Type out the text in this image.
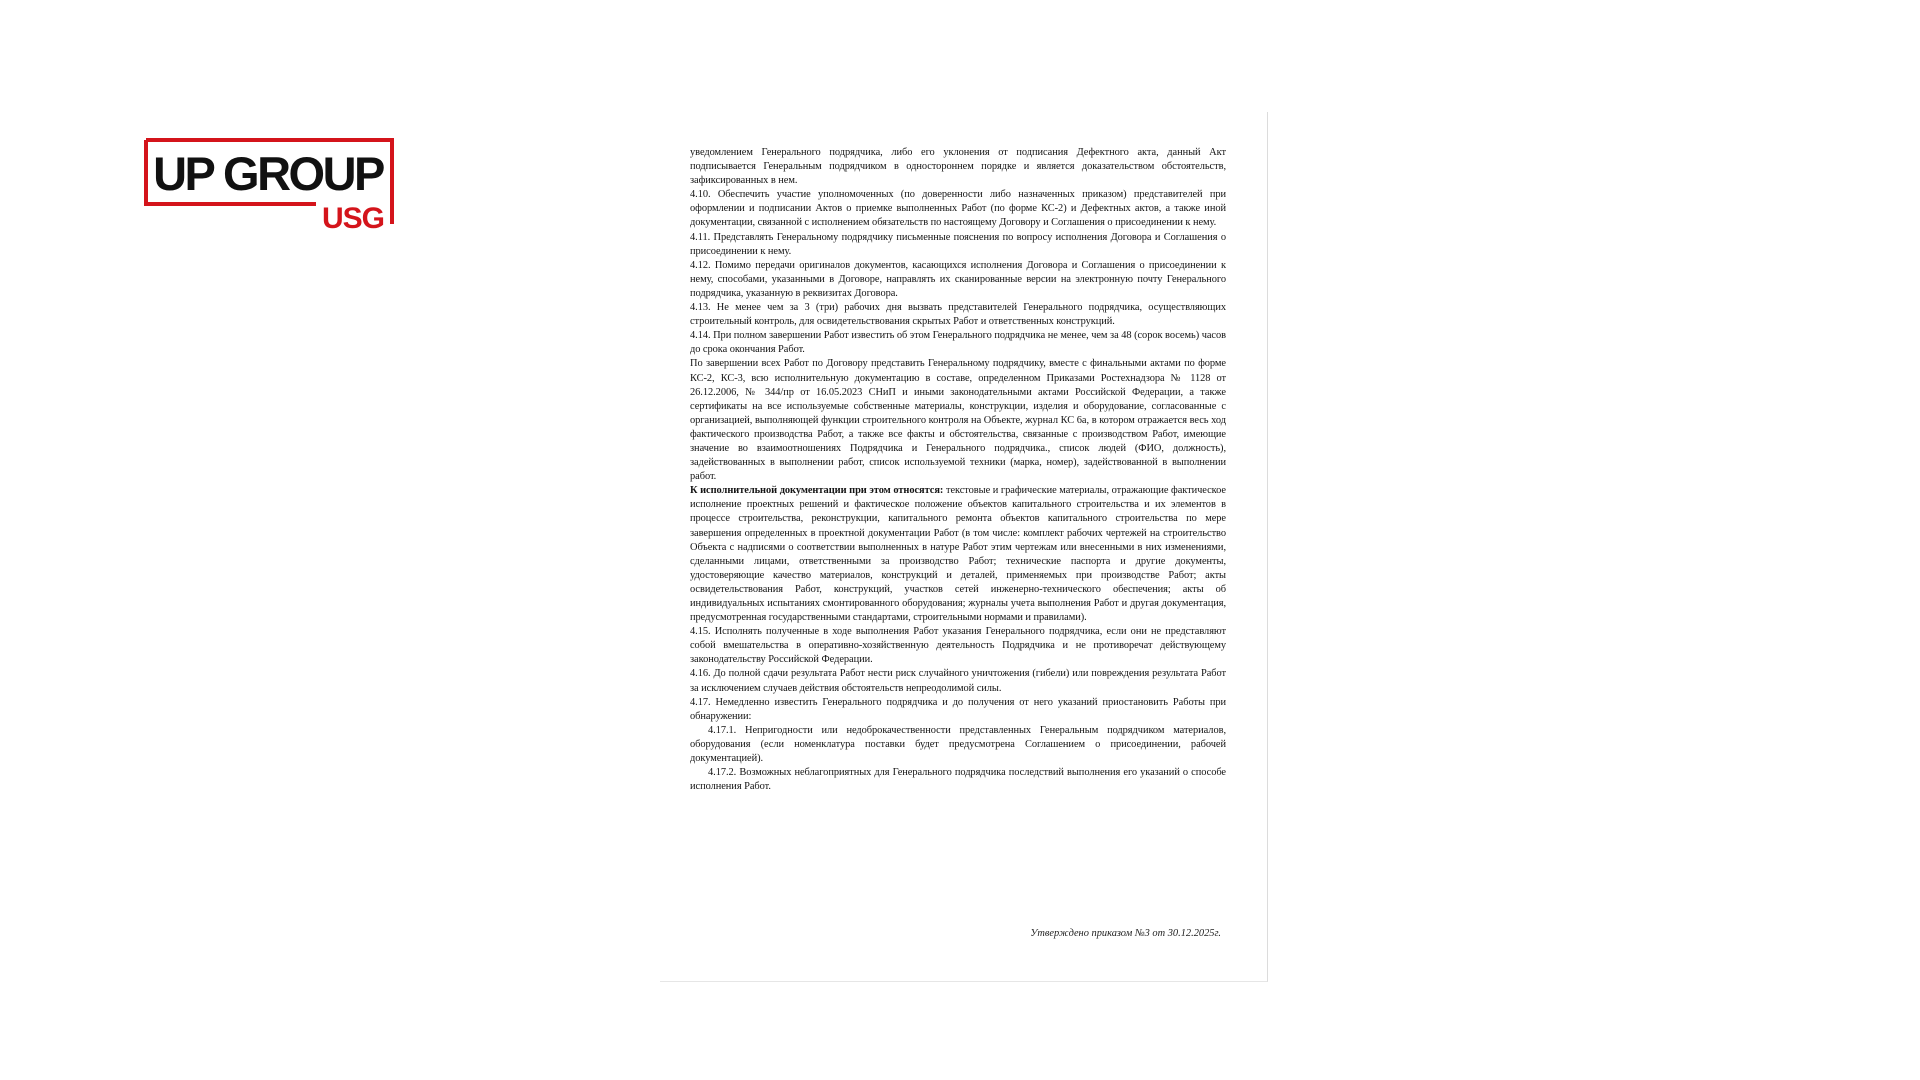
UP GROUP
USG

уведомлением Генерального подрядчика, либо его уклонения от подписания Дефектного акта, данный Акт подписывается Генеральным подрядчиком в одностороннем порядке и является доказательством обстоятельств, зафиксированных в нем.

4.10. Обеспечить участие уполномоченных (по доверенности либо назначенных приказом) представителей при оформлении и подписании Актов о приемке выполненных Работ (по форме КС-2) и Дефектных актов, а также иной документации, связанной с исполнением обязательств по настоящему Договору и Соглашения о присоединении к нему.

4.11. Представлять Генеральному подрядчику письменные пояснения по вопросу исполнения Договора и Соглашения о присоединении к нему.

4.12. Помимо передачи оригиналов документов, касающихся исполнения Договора и Соглашения о присоединении к нему, способами, указанными в Договоре, направлять их сканированные версии на электронную почту Генерального подрядчика, указанную в реквизитах Договора.

4.13. Не менее чем за 3 (три) рабочих дня вызвать представителей Генерального подрядчика, осуществляющих строительный контроль, для освидетельствования скрытых Работ и ответственных конструкций.

4.14. При полном завершении Работ известить об этом Генерального подрядчика не менее, чем за 48 (сорок восемь) часов до срока окончания Работ.

По завершении всех Работ по Договору представить Генеральному подрядчику, вместе с финальными актами по форме КС-2, КС-3, всю исполнительную документацию в составе, определенном Приказами Ростехнадзора № 1128 от 26.12.2006, № 344/пр от 16.05.2023 СНиП и иными законодательными актами Российской Федерации, а также сертификаты на все используемые собственные материалы, конструкции, изделия и оборудование, согласованные с организацией, выполняющей функции строительного контроля на Объекте, журнал КС 6а, в котором отражается весь ход фактического производства Работ, а также все факты и обстоятельства, связанные с производством Работ, имеющие значение во взаимоотношениях Подрядчика и Генерального подрядчика., список людей (ФИО, должность), задействованных в выполнении работ, список используемой техники (марка, номер), задействованной в выполнении работ.

К исполнительной документации при этом относятся: текстовые и графические материалы, отражающие фактическое исполнение проектных решений и фактическое положение объектов капитального строительства и их элементов в процессе строительства, реконструкции, капитального ремонта объектов капитального строительства по мере завершения определенных в проектной документации Работ (в том числе: комплект рабочих чертежей на строительство Объекта с надписями о соответствии выполненных в натуре Работ этим чертежам или внесенными в них изменениями, сделанными лицами, ответственными за производство Работ; технические паспорта и другие документы, удостоверяющие качество материалов, конструкций и деталей, применяемых при производстве Работ; акты освидетельствования Работ, конструкций, участков сетей инженерно-технического обеспечения; акты об индивидуальных испытаниях смонтированного оборудования; журналы учета выполнения Работ и другая документация, предусмотренная государственными стандартами, строительными нормами и правилами).

4.15. Исполнять полученные в ходе выполнения Работ указания Генерального подрядчика, если они не представляют собой вмешательства в оперативно-хозяйственную деятельность Подрядчика и не противоречат действующему законодательству Российской Федерации.

4.16. До полной сдачи результата Работ нести риск случайного уничтожения (гибели) или повреждения результата Работ за исключением случаев действия обстоятельств непреодолимой силы.

4.17. Немедленно известить Генерального подрядчика и до получения от него указаний приостановить Работы при обнаружении:

4.17.1. Непригодности или недоброкачественности представленных Генеральным подрядчиком материалов, оборудования (если номенклатура поставки будет предусмотрена Соглашением о присоединении, рабочей документацией).

4.17.2. Возможных неблагоприятных для Генерального подрядчика последствий выполнения его указаний о способе исполнения Работ.

Утверждено приказом №3 от 30.12.2025г.
